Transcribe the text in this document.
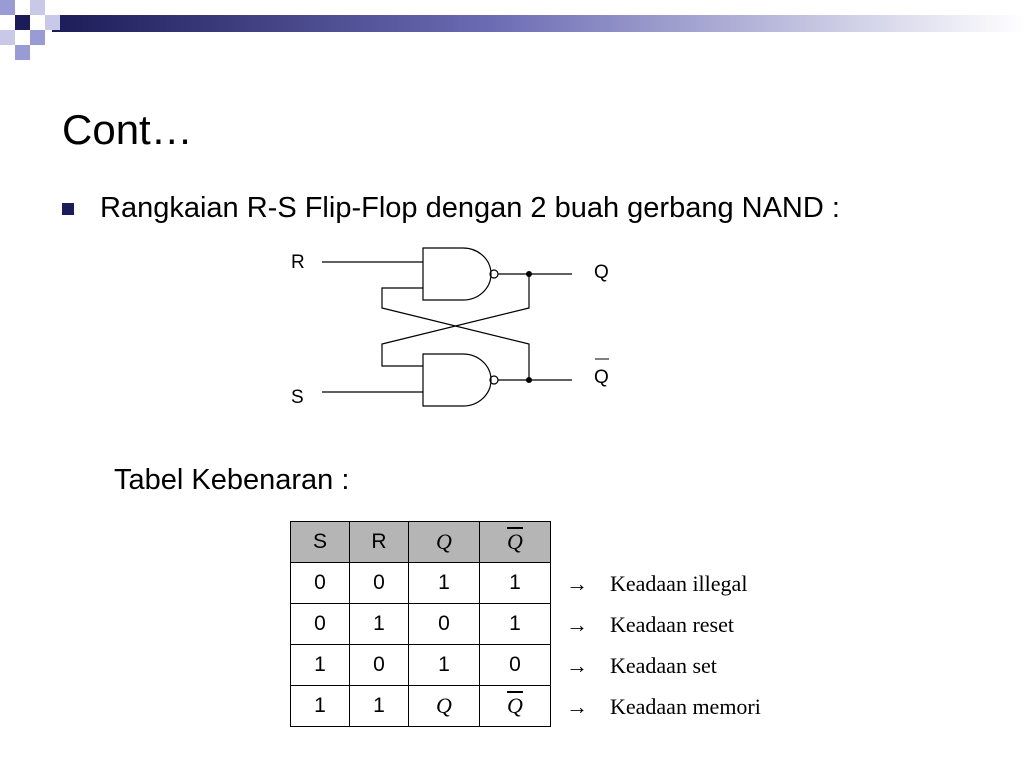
Cont…
Rangkaian R-S Flip-Flop dengan 2 buah gerbang NAND :
R
S
Q
Q
Tabel Kebenaran :
S	R	Q	$\overline{Q}$
0	0	1	1
0	1	0	1
1	0	1	0
1	1	Q	$\overline{Q}$
→ Keadaan illegal
→ Keadaan reset
→ Keadaan set
→ Keadaan memori
